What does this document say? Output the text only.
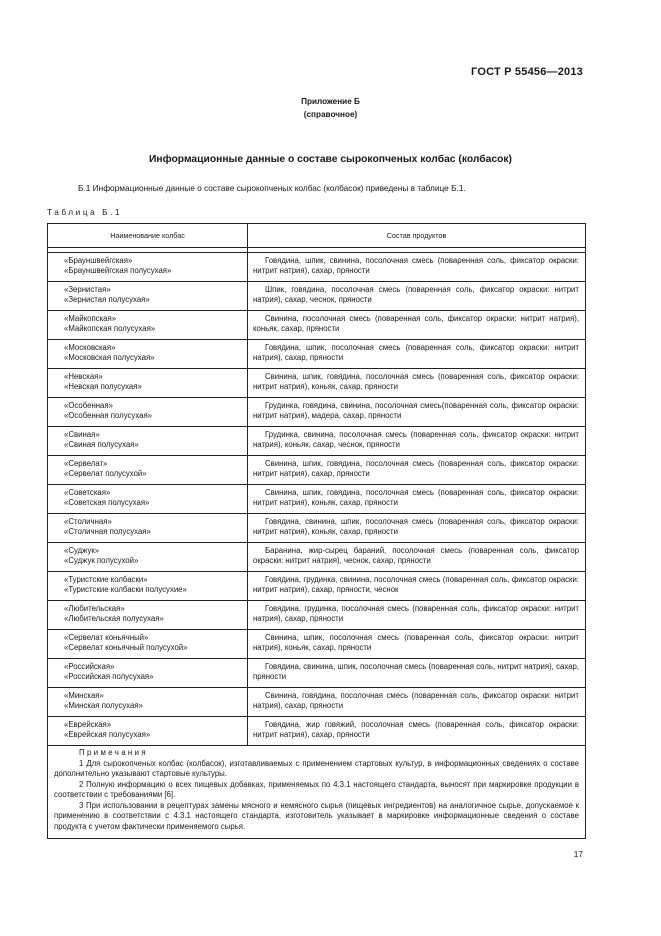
ГОСТ Р 55456—2013
Приложение Б
(справочное)
Информационные данные о составе сырокопченых колбас (колбасок)
Б.1 Информационные данные о составе сырокопченых колбас (колбасок) приведены в таблице Б.1.
Таблица Б.1
Наименование колбас	Состав продуктов

«Брауншвейгская»
«Брауншвейгская полусухая»	Говядина, шпик, свинина, посолочная смесь (поваренная соль, фиксатор окраски: нитрит натрия), сахар, пряности

«Зернистая»
«Зернистая полусухая»	Шпик, говядина, посолочная смесь (поваренная соль, фиксатор окраски: нитрит натрия), сахар, чеснок, пряности

«Майкопская»
«Майкопская полусухая»	Свинина, посолочная смесь (поваренная соль, фиксатор окраски: нитрит натрия), коньяк, сахар, пряности

«Московская»
«Московская полусухая»	Говядина, шпик, посолочная смесь (поваренная соль, фиксатор окраски: нитрит натрия), сахар, пряности

«Невская»
«Невская полусухая»	Свинина, шпик, говядина, посолочная смесь (поваренная соль, фиксатор окраски: нитрит натрия), коньяк, сахар, пряности

«Особенная»
«Особенная полусухая»	Грудинка, говядина, свинина, посолочная смесь(поваренная соль, фиксатор окраски: нитрит натрия), мадера, сахар, пряности

«Свиная»
«Свиная полусухая»	Грудинка, свинина, посолочная смесь (поваренная соль, фиксатор окраски: нитрит натрия), коньяк, сахар, чеснок, пряности

«Сервелат»
«Сервелат полусухой»	Свинина, шпик, говядина, посолочная смесь (поваренная соль, фиксатор окраски: нитрит натрия), сахар, пряности

«Советская»
«Советская полусухая»	Свинина, шпик, говядина, посолочная смесь (поваренная соль, фиксатор окраски: нитрит натрия), коньяк, сахар, пряности

«Столичная»
«Столичная полусухая»	Говядина, свинина, шпик, посолочная смесь (поваренная соль, фиксатор окраски: нитрит натрия), коньяк, сахар, пряности

«Суджук»
«Суджук полусухой»	Баранина, жир-сырец бараний, посолочная смесь (поваренная соль, фиксатор окраски: нитрит натрия), чеснок, сахар, пряности

«Туристские колбаски»
«Туристские колбаски полусухие»	Говядина, грудинка, свинина, посолочная смесь (поваренная соль, фиксатор окраски: нитрит натрия), сахар, пряности, чеснок

«Любительская»
«Любительская полусухая»	Говядина, грудинка, посолочная смесь (поваренная соль, фиксатор окраски: нитрит натрия), сахар, пряности

«Сервелат коньячный»
«Сервелат коньячный полусухой»	Свинина, шпик, посолочная смесь (поваренная соль, фиксатор окраски: нитрит натрия), коньяк, сахар, пряности

«Российская»
«Российская полусухая»	Говядина, свинина, шпик, посолочная смесь (поваренная соль, нитрит натрия), сахар, пряности

«Минская»
«Минская полусухая»	Свинина, говядина, посолочная смесь (поваренная соль, фиксатор окраски: нитрит натрия), сахар, пряности

«Еврейская»
«Еврейская полусухая»	Говядина, жир говяжий, посолочная смесь (поваренная соль, фиксатор окраски: нитрит натрия), сахар, пряности

Примечания

1 Для сырокопченых колбас (колбасок), изготавливаемых с применением стартовых культур, в информационных сведениях о составе дополнительно указывают стартовые культуры.

2 Полную информацию о всех пищевых добавках, применяемых по 4.3.1 настоящего стандарта, выносят при маркировке продукции в соответствии с требованиями [6].

3 При использовании в рецептурах замены мясного и немясного сырья (пищевых ингредиентов) на аналогичное сырье, допускаемое к применению в соответствии с 4.3.1 настоящего стандарта, изготовитель указывает в маркировке информационные сведения о составе продукта с учетом фактически применяемого сырья.	

17
